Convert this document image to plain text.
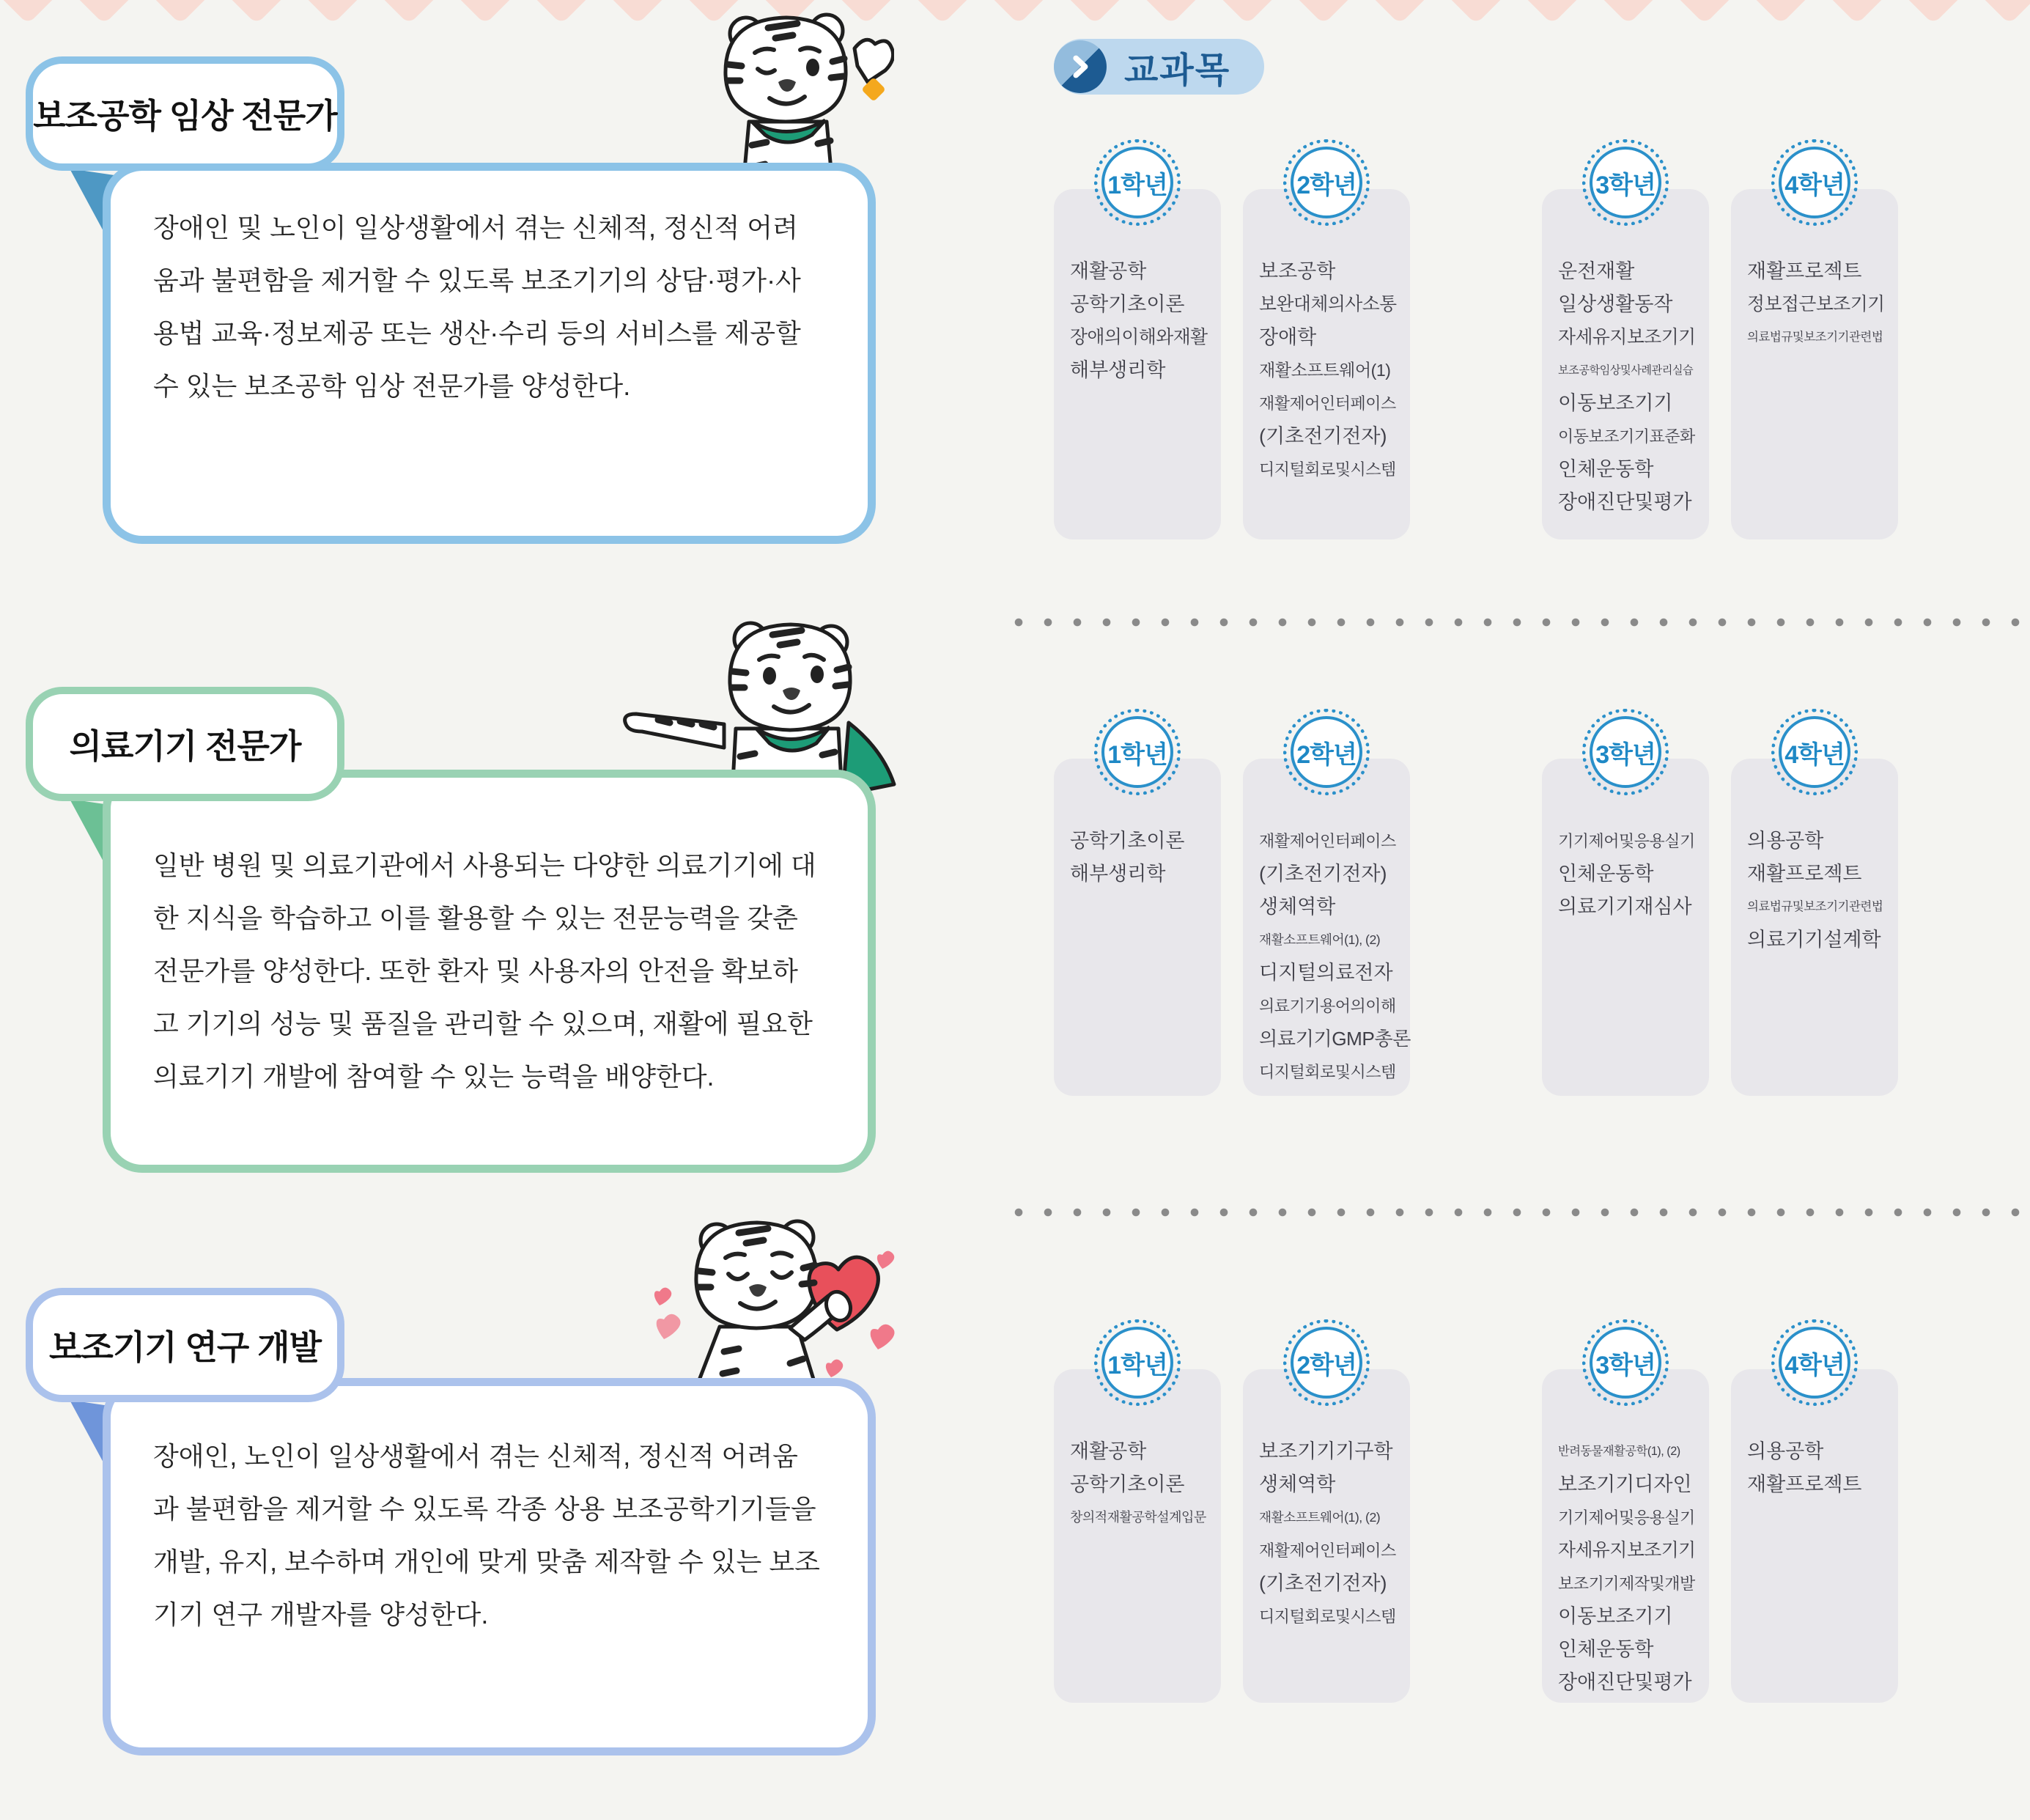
장애인 및 노인이 일상생활에서 겪는 신체적, 정신적 어려움과 불편함을 제거할 수 있도록 보조기기의 상담·평가·사용법 교육·정보제공 또는 생산·수리 등의 서비스를 제공할 수 있는 보조공학 임상 전문가를 양성한다.
보조공학 임상 전문가
일반 병원 및 의료기관에서 사용되는 다양한 의료기기에 대한 지식을 학습하고 이를 활용할 수 있는 전문능력을 갖춘 전문가를 양성한다. 또한 환자 및 사용자의 안전을 확보하고 기기의 성능 및 품질을 관리할 수 있으며, 재활에 필요한 의료기기 개발에 참여할 수 있는 능력을 배양한다.
의료기기 전문가
장애인, 노인이 일상생활에서 겪는 신체적, 정신적 어려움과 불편함을 제거할 수 있도록 각종 상용 보조공학기기들을 개발, 유지, 보수하며 개인에 맞게 맞춤 제작할 수 있는 보조기기 연구 개발자를 양성한다.
보조기기 연구 개발
교과목
1학년
재활공학
공학기초이론
장애의이해와재활
해부생리학
2학년
보조공학
보완대체의사소통
장애학
재활소프트웨어(1)
재활제어인터페이스
(기초전기전자)
디지털회로및시스템
3학년
운전재활
일상생활동작
자세유지보조기기
보조공학임상및사례관리실습
이동보조기기
이동보조기기표준화
인체운동학
장애진단및평가
4학년
재활프로젝트
정보접근보조기기
의료법규및보조기기관련법
1학년
공학기초이론
해부생리학
2학년
재활제어인터페이스
(기초전기전자)
생체역학
재활소프트웨어(1), (2)
디지털의료전자
의료기기용어의이해
의료기기GMP총론
디지털회로및시스템
3학년
기기제어및응용실기
인체운동학
의료기기재심사
4학년
의용공학
재활프로젝트
의료법규및보조기기관련법
의료기기설계학
1학년
재활공학
공학기초이론
창의적재활공학설계입문
2학년
보조기기기구학
생체역학
재활소프트웨어(1), (2)
재활제어인터페이스
(기초전기전자)
디지털회로및시스템
3학년
반려동물재활공학(1), (2)
보조기기디자인
기기제어및응용실기
자세유지보조기기
보조기기제작및개발
이동보조기기
인체운동학
장애진단및평가
4학년
의용공학
재활프로젝트
